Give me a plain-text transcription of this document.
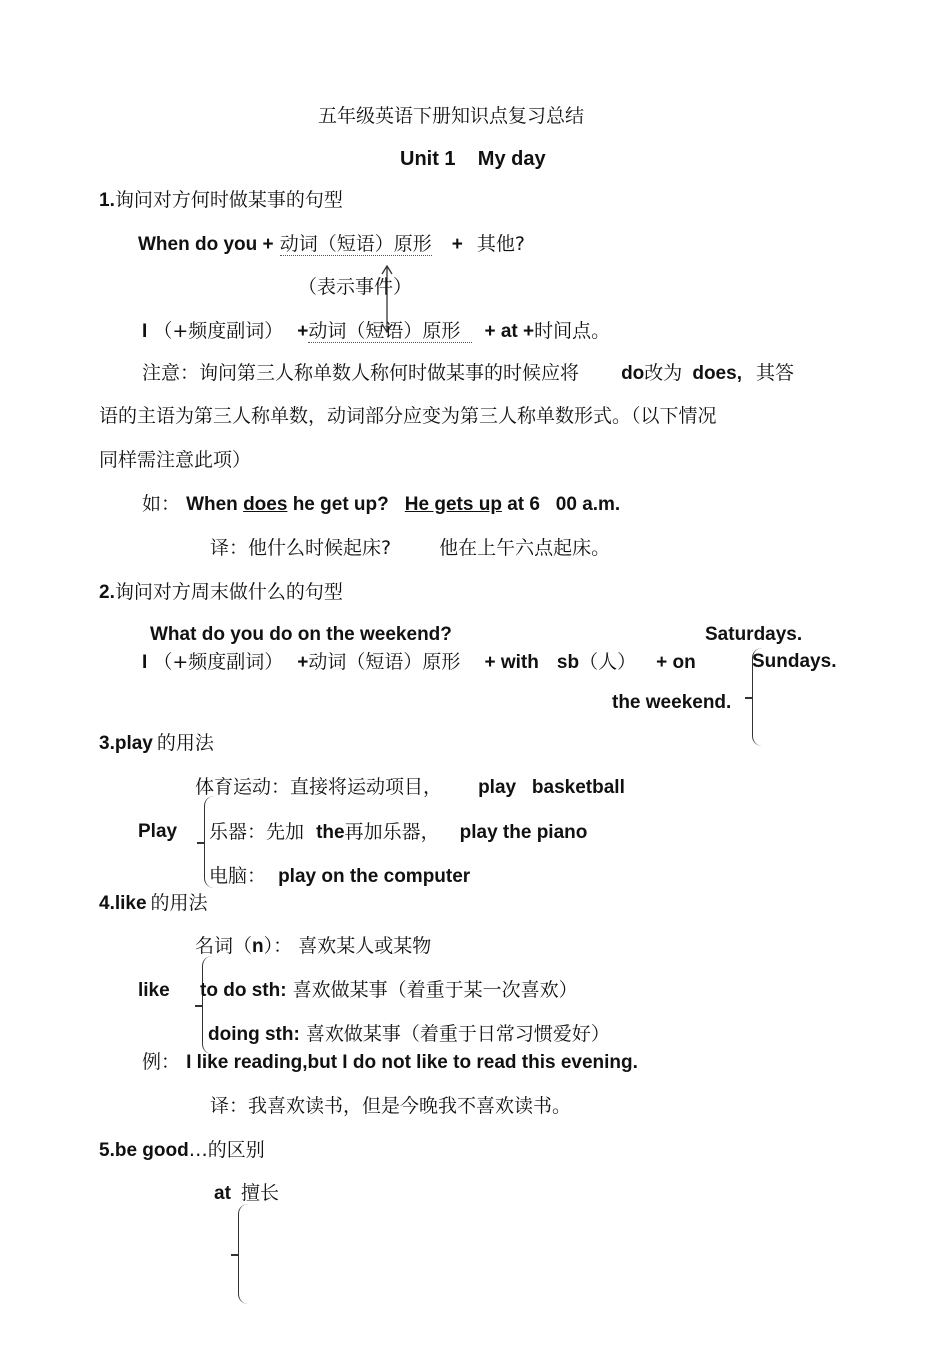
五年级英语下册知识点复习总结
Unit 1    My day
1.询问对方何时做某事的句型
When do you + 动词（短语）原形 + 其他?
（表示事件）
I （+频度副词） +动词（短语）原形 + at +时间点。
注意：询问第三人称单数人称何时做某事的时候应将 do改为 does, 其答
语的主语为第三人称单数，动词部分应变为第三人称单数形式。（以下情况
同样需注意此项）
如： When does he get up? He gets up at 6   00 a.m.
译：他什么时候起床?	他在上午六点起床。
2.询问对方周末做什么的句型
What do you do on the weekend?	Saturdays.
I （+频度副词） +动词（短语）原形 + with sb（人） + on	Sundays.
the weekend.
3.play 的用法
体育运动：直接将运动项目， play   basketball
Play 乐器：先加 the再加乐器， play the piano
电脑： play on the computer
4.like 的用法
名词（n）： 喜欢某人或某物
like to do sth: 喜欢做某事（着重于某一次喜欢）
doing sth: 喜欢做某事（着重于日常习惯爱好）
例： I like reading,but I do not like to read this evening.
译：我喜欢读书，但是今晚我不喜欢读书。
5.be good…的区别
at 擅长
